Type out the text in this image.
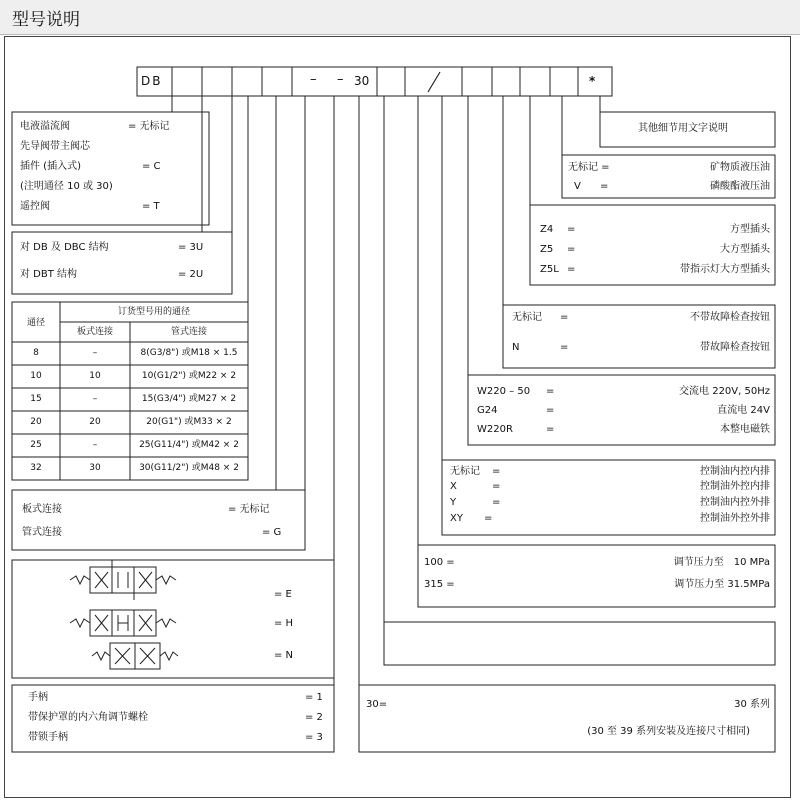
型号说明
DB	– – 30	*
电液溢流阀	= 无标记
先导阀带主阀芯
插件 (插入式)	= C
(注明通径 10 或 30)
遥控阀	= T
对 DB 及 DBC 结构	= 3U
对 DBT 结构	= 2U
订货型号用的通径
通径
板式连接	管式连接
8	–	8(G3/8") 或M18 × 1.5
10	10	10(G1/2") 或M22 × 2
15	–	15(G3/4") 或M27 × 2
20	20	20(G1") 或M33 × 2
25	–	25(G11/4") 或M42 × 2
32	30	30(G11/2") 或M48 × 2
板式连接	= 无标记
管式连接	= G
= E
= H
= N
手柄	= 1
带保护罩的内六角调节螺栓	= 2
带锁手柄	= 3
其他细节用文字说明
无标记 =	矿物质液压油
V =	磷酸酯液压油
Z4 =	方型插头
Z5 =	大方型插头
Z5L =	带指示灯大方型插头
无标记 =	不带故障检查按钮
N	=	带故障检查按钮
W220 – 50 =	交流电 220V, 50Hz
G24	=	直流电 24V
W220R	=	本整电磁铁
无标记 =	控制油内控内排
X	=	控制油外控内排
Y	=	控制油内控外排
XY =	控制油外控外排
100 =	调节压力至　10 MPa
315 =	调节压力至 31.5MPa
30=	30 系列
(30 至 39 系列安装及连接尺寸相同)
